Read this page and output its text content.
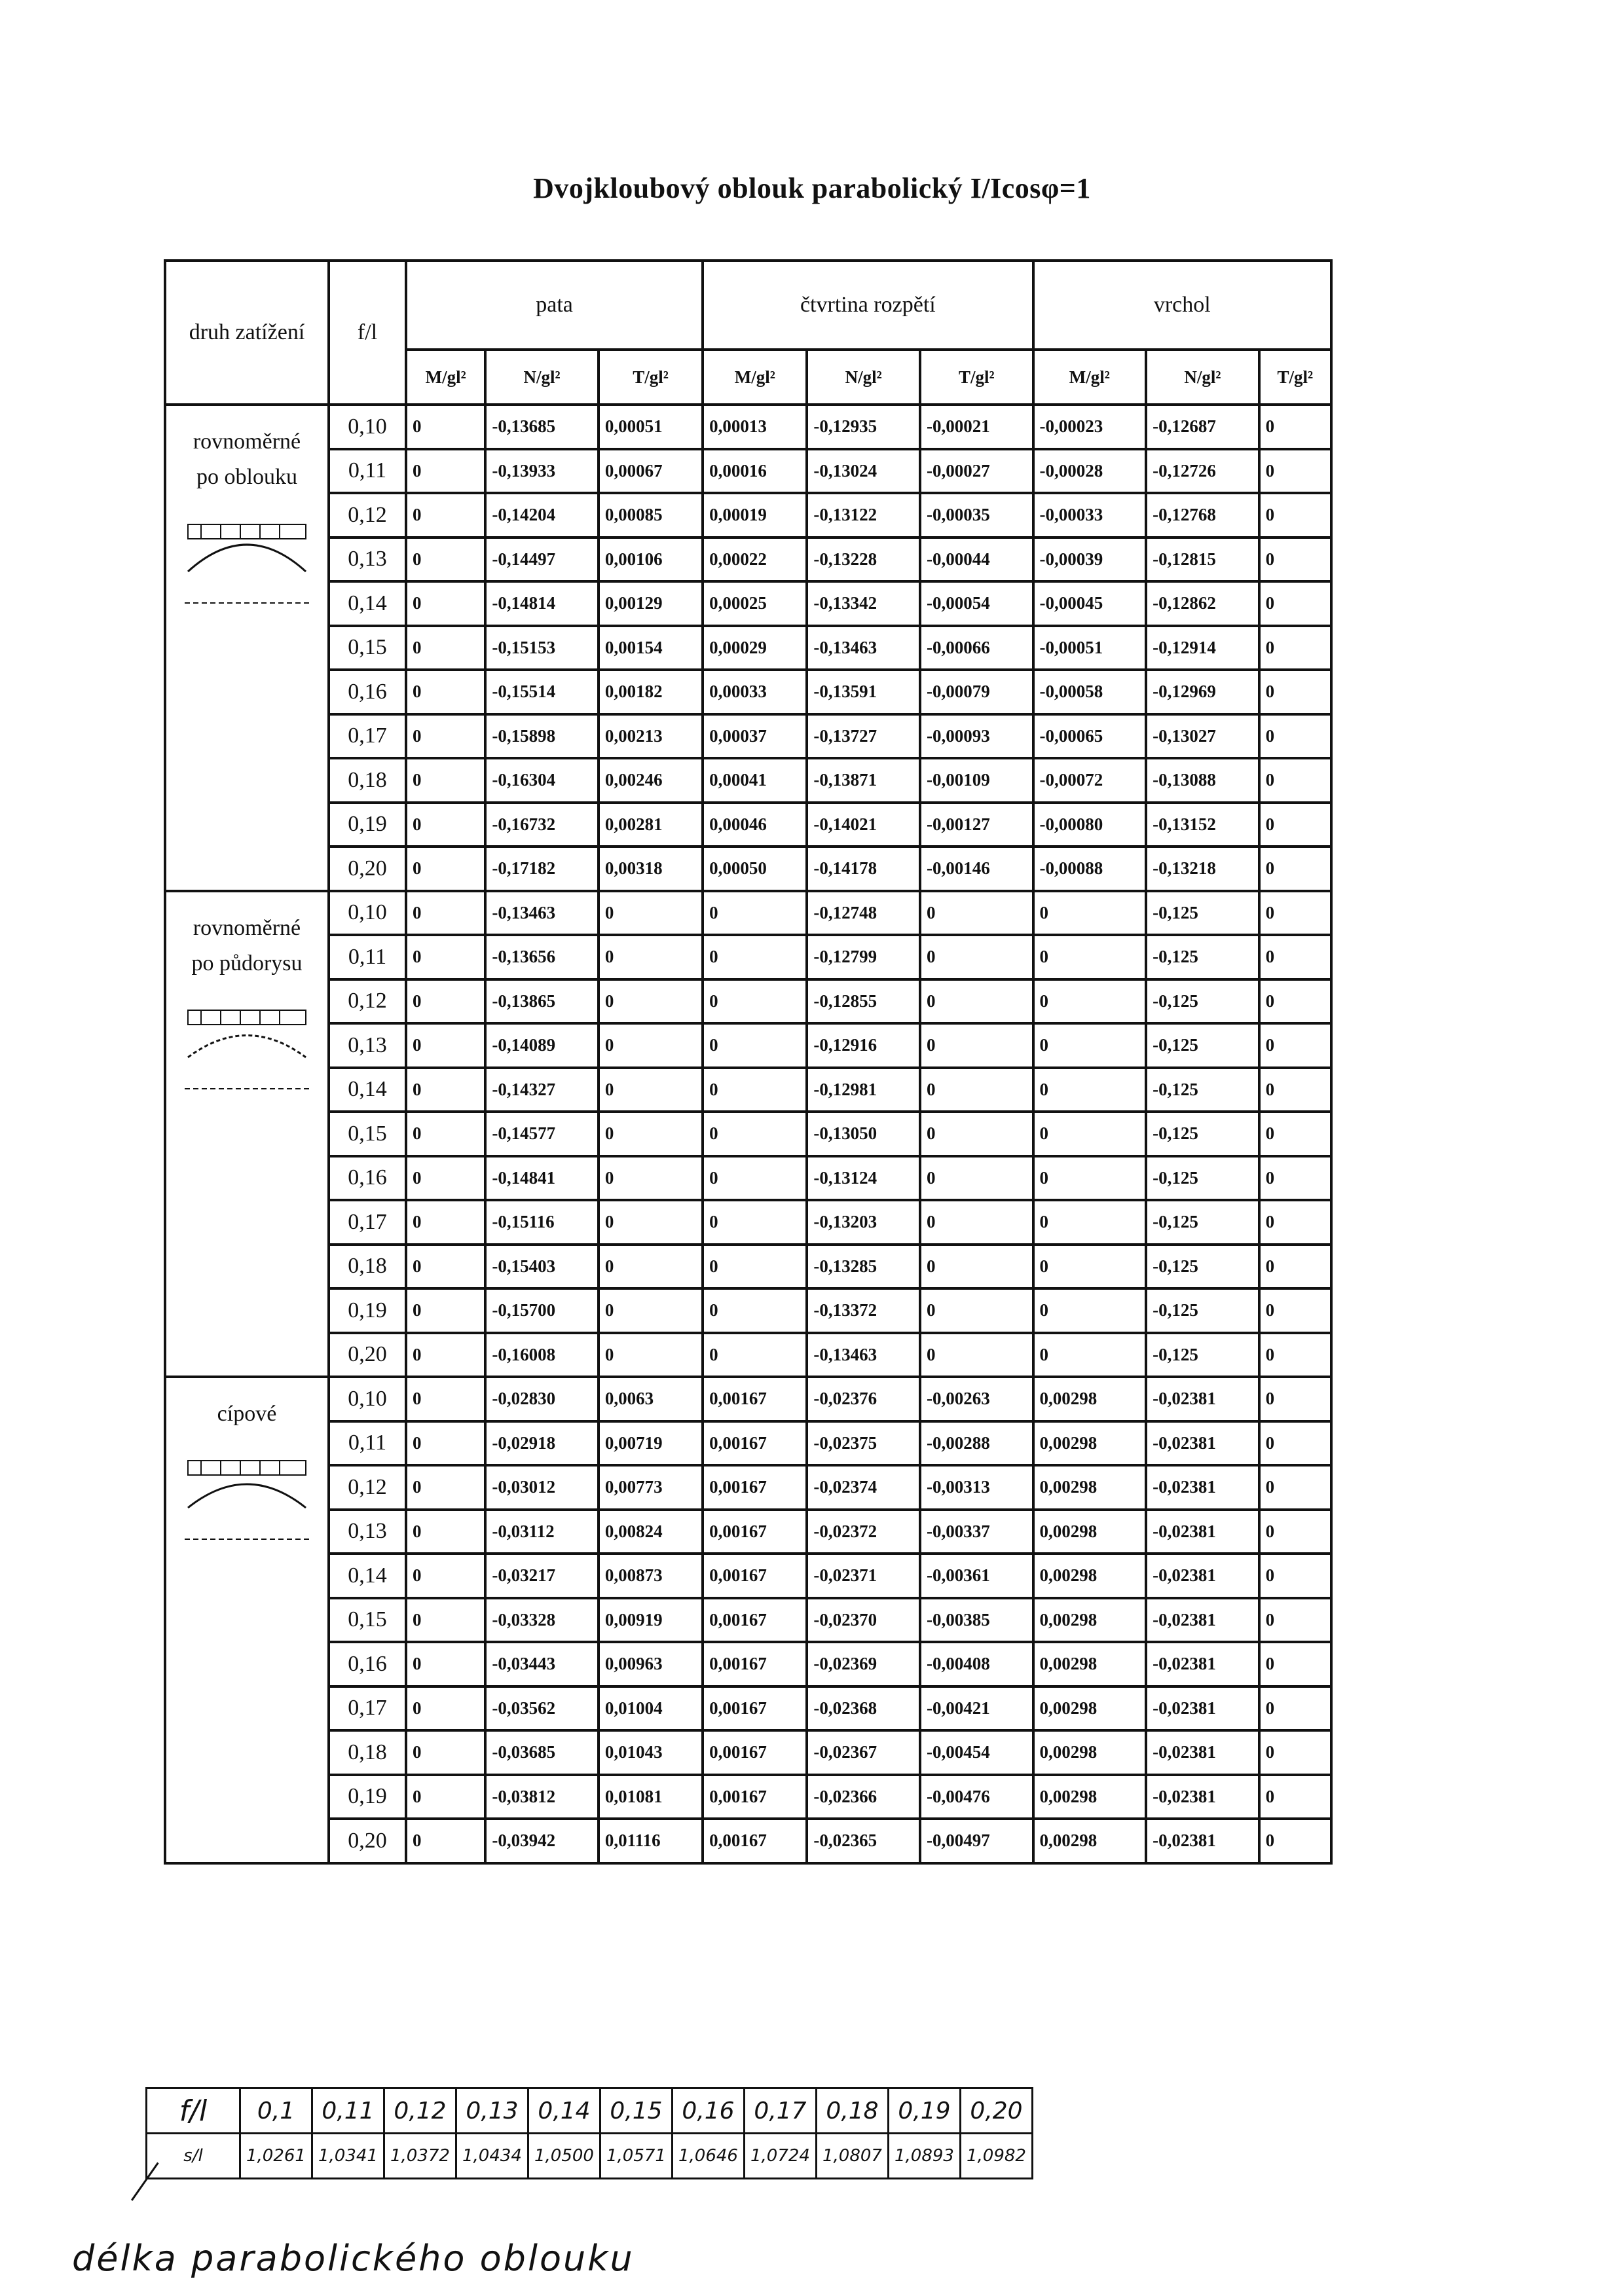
Dvojkloubový oblouk parabolický I/Icosφ=1
druh zatížení	f/l	pata			čtvrtina rozpětí			vrchol		
		M/gl²	N/gl²	T/gl²	M/gl²	N/gl²	T/gl²	M/gl²	N/gl²	T/gl²

rovnoměrné
po oblouku	0,10	0	-0,13685	0,00051	0,00013	-0,12935	-0,00021	-0,00023	-0,12687	0
	0,11	0	-0,13933	0,00067	0,00016	-0,13024	-0,00027	-0,00028	-0,12726	0
	0,12	0	-0,14204	0,00085	0,00019	-0,13122	-0,00035	-0,00033	-0,12768	0
	0,13	0	-0,14497	0,00106	0,00022	-0,13228	-0,00044	-0,00039	-0,12815	0
	0,14	0	-0,14814	0,00129	0,00025	-0,13342	-0,00054	-0,00045	-0,12862	0
	0,15	0	-0,15153	0,00154	0,00029	-0,13463	-0,00066	-0,00051	-0,12914	0
	0,16	0	-0,15514	0,00182	0,00033	-0,13591	-0,00079	-0,00058	-0,12969	0
	0,17	0	-0,15898	0,00213	0,00037	-0,13727	-0,00093	-0,00065	-0,13027	0
	0,18	0	-0,16304	0,00246	0,00041	-0,13871	-0,00109	-0,00072	-0,13088	0
	0,19	0	-0,16732	0,00281	0,00046	-0,14021	-0,00127	-0,00080	-0,13152	0
	0,20	0	-0,17182	0,00318	0,00050	-0,14178	-0,00146	-0,00088	-0,13218	0

rovnoměrné
po půdorysu	0,10	0	-0,13463	0	0	-0,12748	0	0	-0,125	0
	0,11	0	-0,13656	0	0	-0,12799	0	0	-0,125	0
	0,12	0	-0,13865	0	0	-0,12855	0	0	-0,125	0
	0,13	0	-0,14089	0	0	-0,12916	0	0	-0,125	0
	0,14	0	-0,14327	0	0	-0,12981	0	0	-0,125	0
	0,15	0	-0,14577	0	0	-0,13050	0	0	-0,125	0
	0,16	0	-0,14841	0	0	-0,13124	0	0	-0,125	0
	0,17	0	-0,15116	0	0	-0,13203	0	0	-0,125	0
	0,18	0	-0,15403	0	0	-0,13285	0	0	-0,125	0
	0,19	0	-0,15700	0	0	-0,13372	0	0	-0,125	0
	0,20	0	-0,16008	0	0	-0,13463	0	0	-0,125	0

cípové	0,10	0	-0,02830	0,0063	0,00167	-0,02376	-0,00263	0,00298	-0,02381	0
	0,11	0	-0,02918	0,00719	0,00167	-0,02375	-0,00288	0,00298	-0,02381	0
	0,12	0	-0,03012	0,00773	0,00167	-0,02374	-0,00313	0,00298	-0,02381	0
	0,13	0	-0,03112	0,00824	0,00167	-0,02372	-0,00337	0,00298	-0,02381	0
	0,14	0	-0,03217	0,00873	0,00167	-0,02371	-0,00361	0,00298	-0,02381	0
	0,15	0	-0,03328	0,00919	0,00167	-0,02370	-0,00385	0,00298	-0,02381	0
	0,16	0	-0,03443	0,00963	0,00167	-0,02369	-0,00408	0,00298	-0,02381	0
	0,17	0	-0,03562	0,01004	0,00167	-0,02368	-0,00421	0,00298	-0,02381	0
	0,18	0	-0,03685	0,01043	0,00167	-0,02367	-0,00454	0,00298	-0,02381	0
	0,19	0	-0,03812	0,01081	0,00167	-0,02366	-0,00476	0,00298	-0,02381	0
	0,20	0	-0,03942	0,01116	0,00167	-0,02365	-0,00497	0,00298	-0,02381	0
f/l	0,1	0,11	0,12	0,13	0,14	0,15	0,16	0,17	0,18	0,19	0,20
s/l	1,0261	1,0341	1,0372	1,0434	1,0500	1,0571	1,0646	1,0724	1,0807	1,0893	1,0982
délka parabolického oblouku
